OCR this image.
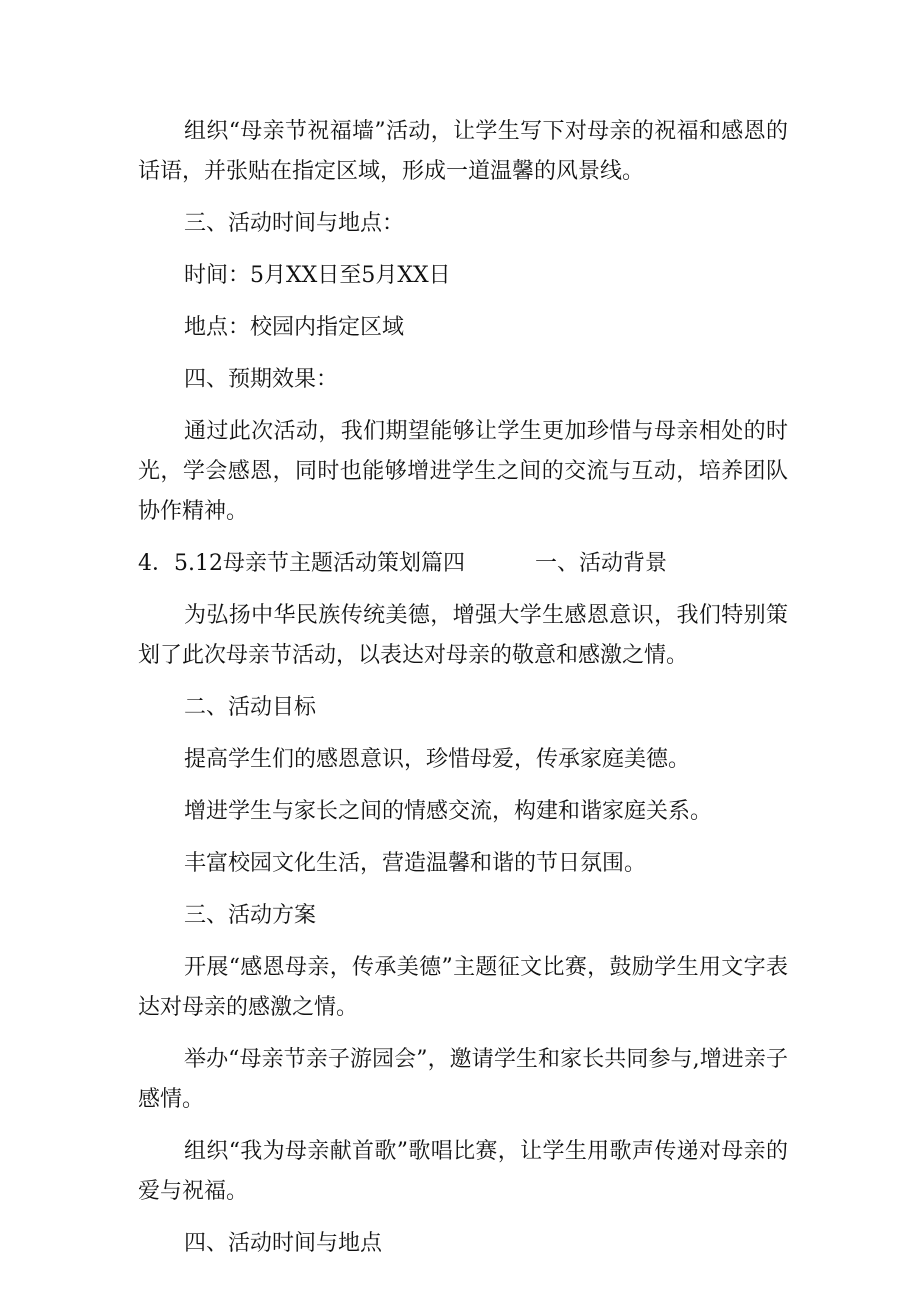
组织“母亲节祝福墙”活动，让学生写下对母亲的祝福和感恩的话语，并张贴在指定区域，形成一道温馨的风景线。

三、活动时间与地点：

时间：5月XX日至5月XX日

地点：校园内指定区域

四、预期效果：

通过此次活动，我们期望能够让学生更加珍惜与母亲相处的时光，学会感恩，同时也能够增进学生之间的交流与互动，培养团队协作精神。

4．5.12母亲节主题活动策划篇四	一、活动背景

为弘扬中华民族传统美德，增强大学生感恩意识，我们特别策划了此次母亲节活动，以表达对母亲的敬意和感激之情。

二、活动目标

提高学生们的感恩意识，珍惜母爱，传承家庭美德。

增进学生与家长之间的情感交流，构建和谐家庭关系。

丰富校园文化生活，营造温馨和谐的节日氛围。

三、活动方案

开展“感恩母亲，传承美德”主题征文比赛，鼓励学生用文字表达对母亲的感激之情。

举办“母亲节亲子游园会”，邀请学生和家长共同参与,增进亲子感情。

组织“我为母亲献首歌”歌唱比赛，让学生用歌声传递对母亲的爱与祝福。

四、活动时间与地点
